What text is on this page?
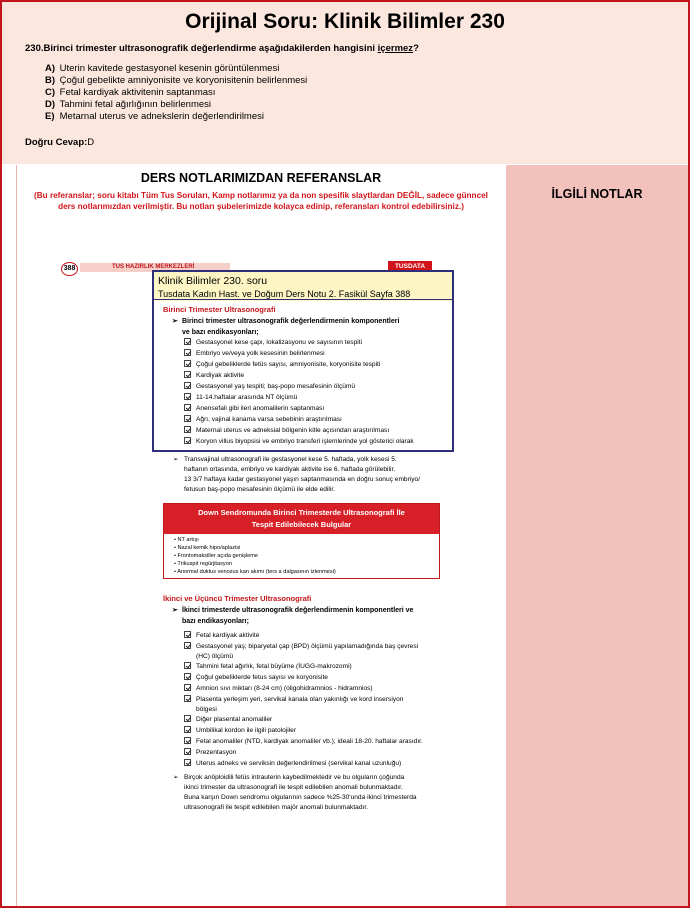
Orijinal Soru: Klinik Bilimler 230
230.Birinci trimester ultrasonografik değerlendirme aşağıdakilerden hangisini içermez?
A) Uterin kavitede gestasyonel kesenin görüntülenmesi
B) Çoğul gebelikte amniyonisite ve koryonisitenin belirlenmesi
C) Fetal kardiyak aktivitenin saptanması
D) Tahmini fetal ağırlığının belirlenmesi
E) Metarnal uterus ve adnekslerin değerlendirilmesi
Doğru Cevap:D
İLGİLİ NOTLAR
DERS NOTLARIMIZDAN REFERANSLAR
(Bu referanslar; soru kitabı Tüm Tus Soruları, Kamp notlarımız ya da non spesifik slaytlardan DEĞİL, sadece günncel ders notlarımızdan verilmiştir. Bu notları şubelerimizde kolayca edinip, referansları kontrol edebilirsiniz.)
388	TUS HAZIRLIK MERKEZLERİ	TUSDATA
Klinik Bilimler 230. soru
Tusdata Kadın Hast. ve Doğum Ders Notu 2. Fasikül Sayfa 388
Birinci Trimester Ultrasonografi
➢ Birinci trimester ultrasonografik değerlendirmenin komponentleri
ve bazı endikasyonları;
Gestasyonel kese çapı, lokalizasyonu ve sayısının tespiti
Embriyo ve/veya yolk kesesinin belirlenmesi
Çoğul gebeliklerde fetüs sayısı, amniyonisite, koryonisite tespiti
Kardiyak aktivite
Gestasyonel yaş tespiti; baş-popo mesafesinin ölçümü
11-14.haftalar arasında NT ölçümü
Anensefali gibi ileri anomalilerin saptanması
Ağrı, vajinal kanama varsa sebebinin araştırılması
Maternal uterus ve adneksial bölgenin kitle açısından araştırılması
Koryon villus biyopsisi ve embriyo transferi işlemlerinde yol gösterici olarak
➢ Transvajinal ultrasonografi ile gestasyonel kese 5. haftada, yolk kesesi 5.
haftanın ortasında, embriyo ve kardiyak aktivite ise 6. haftada görülebilir.
13 3/7 haftaya kadar gestasyonel yaşın saptanmasında en doğru sonuç embriyo/
fetusun baş-popo mesafesinin ölçümü ile elde edilir.
Down Sendromunda Birinci Trimesterde Ultrasonografi İle
Tespit Edilebilecek Bulgular
• NT artışı
• Nazal kemik hipo/aplazisi
• Frontomaksiller açıda genişleme
• Trikuspit regürjitasyon
• Anormal duktus venozus kan akımı (ters a dalgasının izlenmesi)
İkinci ve Üçüncü Trimester Ultrasonografi
➢ İkinci trimesterde ultrasonografik değerlendirmenin komponentleri ve
bazı endikasyonları;
Fetal kardiyak aktivite
Gestasyonel yaş; biparyetal çap (BPD) ölçümü yapılamadığında baş çevresi
(HC) ölçümü
Tahmini fetal ağırlık, fetal büyüme (İUGG-makrozomi)
Çoğul gebeliklerde fetus sayısı ve koryonisite
Amnion sıvı miktarı (8-24 cm) (oligohidramnios - hidramnios)
Plasenta yerleşim yeri, servikal kanala olan yakınlığı ve kord insersiyon
bölgesi
Diğer plasental anomaliler
Umbilikal kordon ile ilgili patolojiler
Fetal anomaliler (NTD, kardiyak anomaliler vb.); ideali 18-20. haftalar arasıdır.
Prezentasyon
Uterus adneks ve serviksin değerlendirilmesi (servikal kanal uzunluğu)
➢ Birçok anöploidili fetüs intrauterin kaybedilmektedir ve bu olguların çoğunda
ikinci trimester da ultrasonografi ile tespit edilebilen anomali bulunmaktadır.
Buna karşın Down sendromu olgularının sadece %25-30'unda ikinci trimesterda
ultrasonografi ile tespit edilebilen majör anomali bulunmaktadır.
